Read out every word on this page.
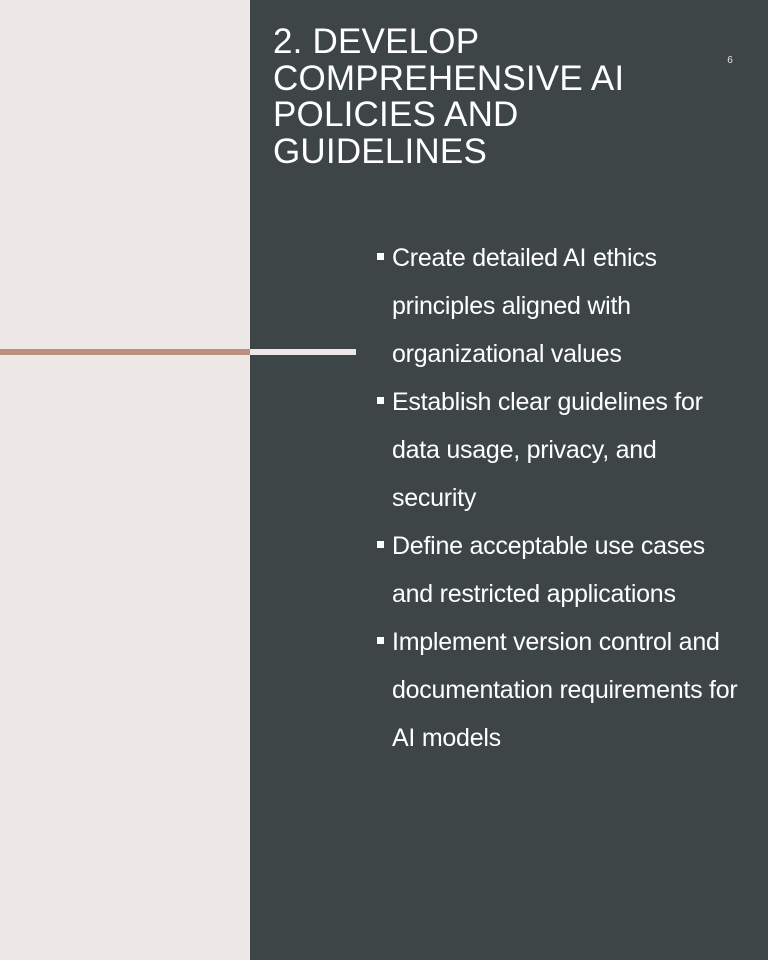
2. DEVELOP COMPREHENSIVE AI POLICIES AND GUIDELINES
6
Create detailed AI ethics principles aligned with organizational values
Establish clear guidelines for data usage, privacy, and security
Define acceptable use cases and restricted applications
Implement version control and documentation requirements for AI models
